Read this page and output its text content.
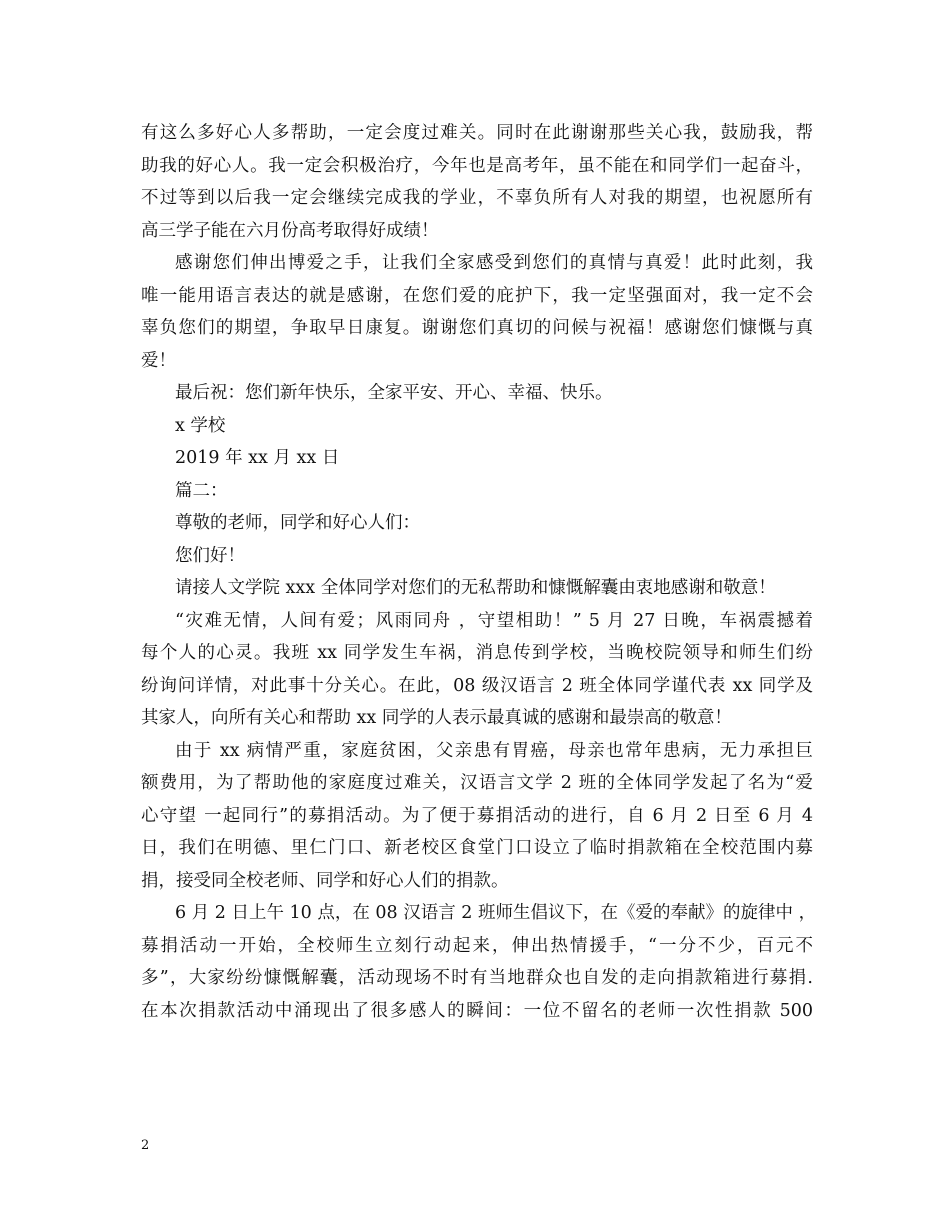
有这么多好心人多帮助，一定会度过难关。同时在此谢谢那些关心我，鼓励我，帮
助我的好心人。我一定会积极治疗，今年也是高考年，虽不能在和同学们一起奋斗，
不过等到以后我一定会继续完成我的学业，不辜负所有人对我的期望，也祝愿所有
高三学子能在六月份高考取得好成绩！
感谢您们伸出博爱之手，让我们全家感受到您们的真情与真爱！此时此刻，我
唯一能用语言表达的就是感谢，在您们爱的庇护下，我一定坚强面对，我一定不会
辜负您们的期望，争取早日康复。谢谢您们真切的问候与祝福！感谢您们慷慨与真
爱！
最后祝：您们新年快乐，全家平安、开心、幸福、快乐。
x 学校
2019 年 xx 月 xx 日
篇二：
尊敬的老师，同学和好心人们：
您们好！
请接人文学院 xxx 全体同学对您们的无私帮助和慷慨解囊由衷地感谢和敬意！
“灾难无情，人间有爱；风雨同舟 ，守望相助！” 5 月 27 日晚，车祸震撼着
每个人的心灵。我班 xx 同学发生车祸，消息传到学校，当晚校院领导和师生们纷
纷询问详情，对此事十分关心。在此，08 级汉语言 2 班全体同学谨代表 xx 同学及
其家人，向所有关心和帮助 xx 同学的人表示最真诚的感谢和最崇高的敬意！
由于 xx 病情严重，家庭贫困，父亲患有胃癌，母亲也常年患病，无力承担巨
额费用，为了帮助他的家庭度过难关，汉语言文学 2 班的全体同学发起了名为“爱
心守望 一起同行”的募捐活动。为了便于募捐活动的进行，自 6 月 2 日至 6 月 4
日，我们在明德、里仁门口、新老校区食堂门口设立了临时捐款箱在全校范围内募
捐，接受同全校老师、同学和好心人们的捐款。
6 月 2 日上午 10 点，在 08 汉语言 2 班师生倡议下，在《爱的奉献》的旋律中 ，
募捐活动一开始，全校师生立刻行动起来，伸出热情援手，“一分不少，百元不
多”，大家纷纷慷慨解囊，活动现场不时有当地群众也自发的走向捐款箱进行募捐.
在本次捐款活动中涌现出了很多感人的瞬间：一位不留名的老师一次性捐款 500
2
